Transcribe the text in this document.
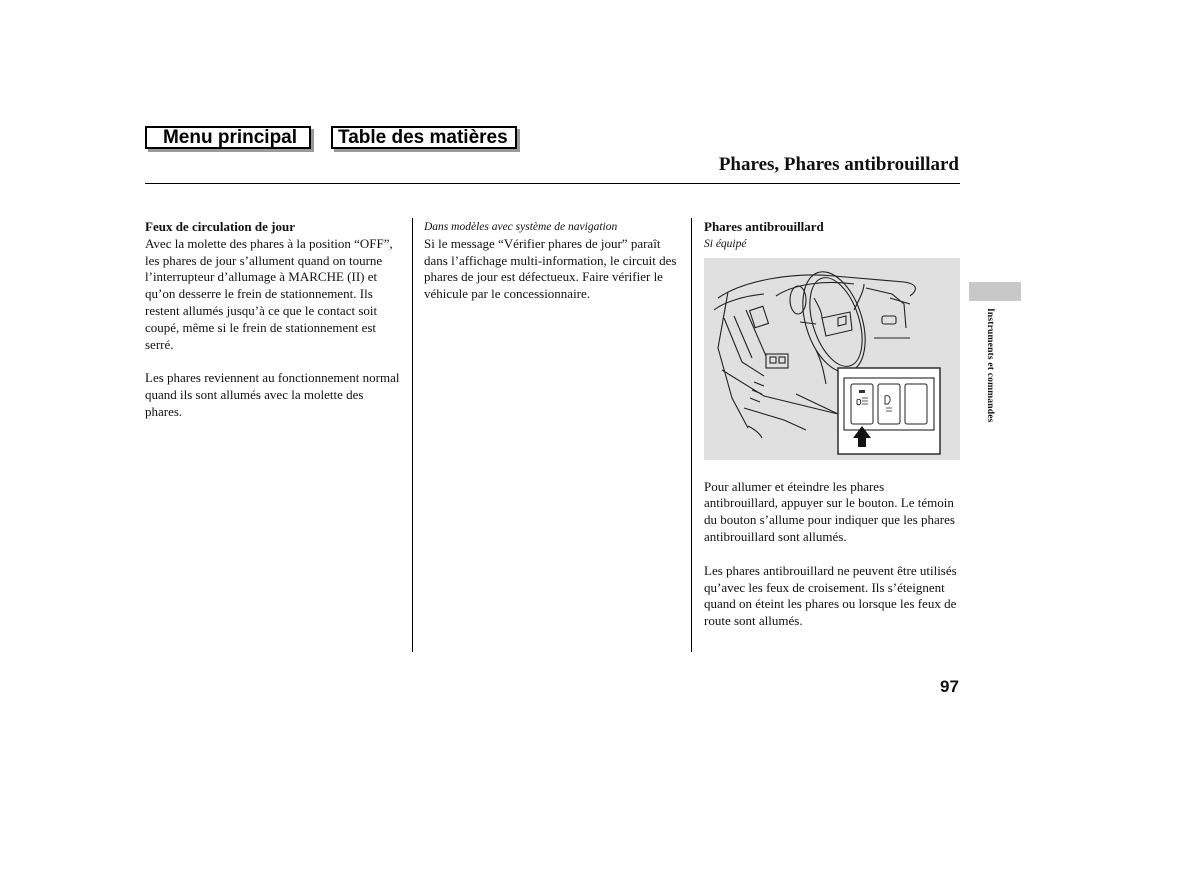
Menu principal	Table des matières
Phares, Phares antibrouillard

Feux de circulation de jour

Avec la molette des phares à la position “OFF”, les phares de jour s’allument quand on tourne l’interrupteur d’allumage à MARCHE (II) et qu’on desserre le frein de stationnement. Ils restent allumés jusqu’à ce que le contact soit coupé, même si le frein de stationnement est serré.

Les phares reviennent au fonctionnement normal quand ils sont allumés avec la molette des phares.

Dans modèles avec système de navigation

Si le message “Vérifier phares de jour” paraît dans l’affichage multi-information, le circuit des phares de jour est défectueux. Faire vérifier le véhicule par le concessionnaire.

Phares antibrouillard

Si équipé

Pour allumer et éteindre les phares antibrouillard, appuyer sur le bouton. Le témoin du bouton s’allume pour indiquer que les phares antibrouillard sont allumés.

Les phares antibrouillard ne peuvent être utilisés qu’avec les feux de croisement. Ils s’éteignent quand on éteint les phares ou lorsque les feux de route sont allumés.

Instruments et commandes
97
